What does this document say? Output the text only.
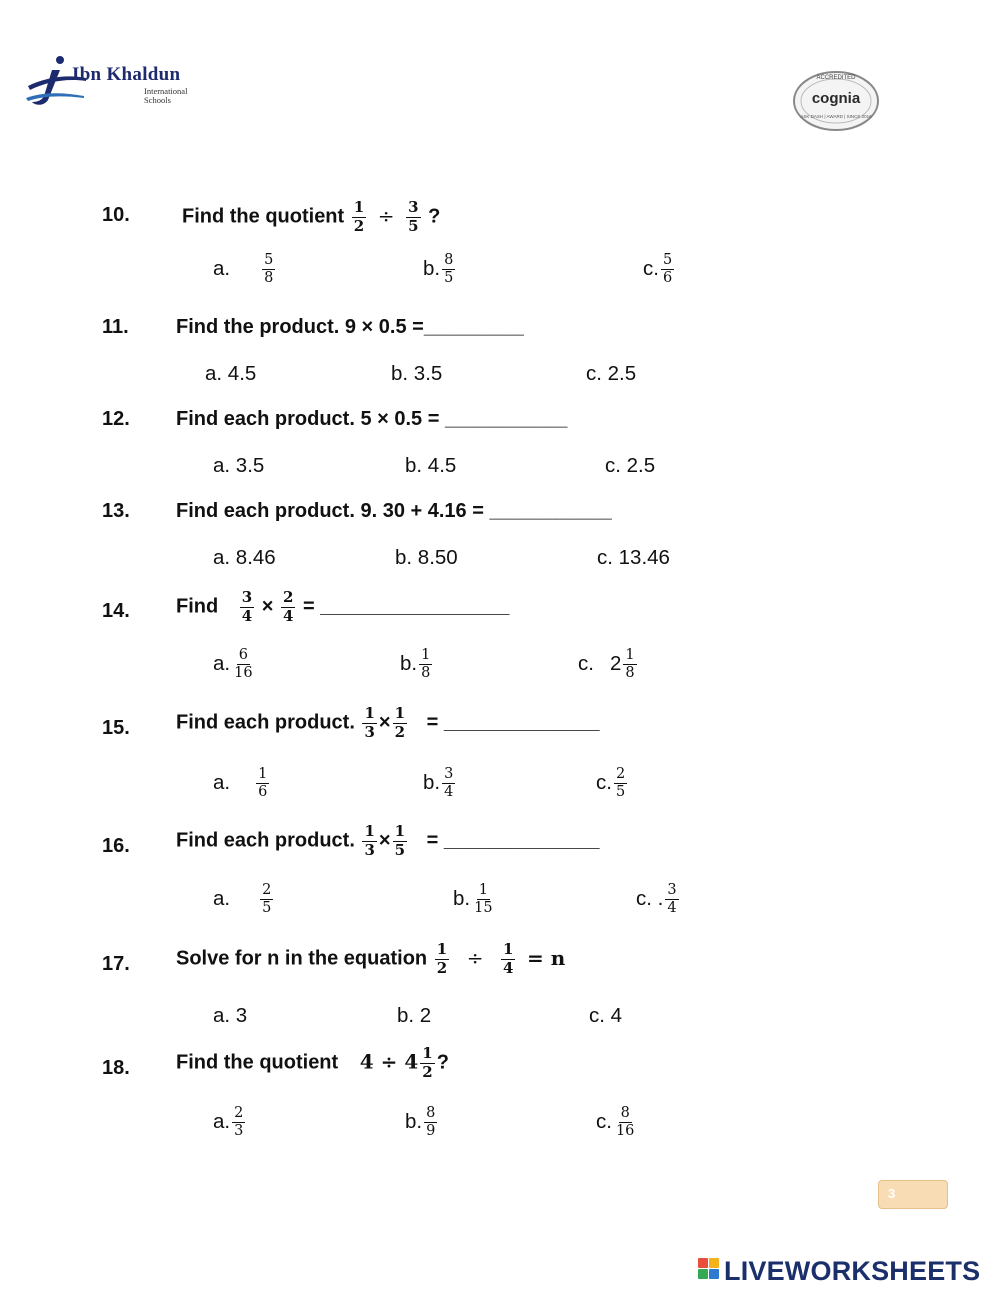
Ibn Khaldun
International
Schools
ACCREDITED
cognia
ASK DASH | AWARD | SINCE 2016
10.	Find the quotient $\frac{1}{2} \div \frac{3}{5}$ ?
a. $\frac{5}{8}$	b. $\frac{8}{5}$	c. $\frac{5}{6}$
11. Find the product. 9 × 0.5 =_________
a. 4.5	b. 3.5	c. 2.5
12. Find each product. 5 × 0.5 = ___________
a. 3.5	b. 4.5	c. 2.5
13. Find each product. 9. 30 + 4.16 = ___________
a. 8.46	b. 8.50	c. 13.46
14. Find $\frac{3}{4} \times \frac{2}{4}$ = _________________
a. $\frac{6}{16}$	b. $\frac{1}{8}$	c. $2 \frac{1}{8}$
15. Find each product. $\frac{1}{3} \times \frac{1}{2}$ = ______________
a. $\frac{1}{6}$	b. $\frac{3}{4}$	c. $\frac{2}{5}$
16. Find each product. $\frac{1}{3} \times \frac{1}{5}$ = ______________
a. $\frac{2}{5}$	b. $\frac{1}{15}$	c. . $\frac{3}{4}$
17. Solve for n in the equation $\frac{1}{2} \div \frac{1}{4} = n$
a. 3	b. 2	c. 4
18. Find the quotient $4 \div 4 \frac{1}{2}$ ?
a. $\frac{2}{3}$	b. $\frac{8}{9}$	c. $\frac{8}{16}$
3
LIVEWORKSHEETS
